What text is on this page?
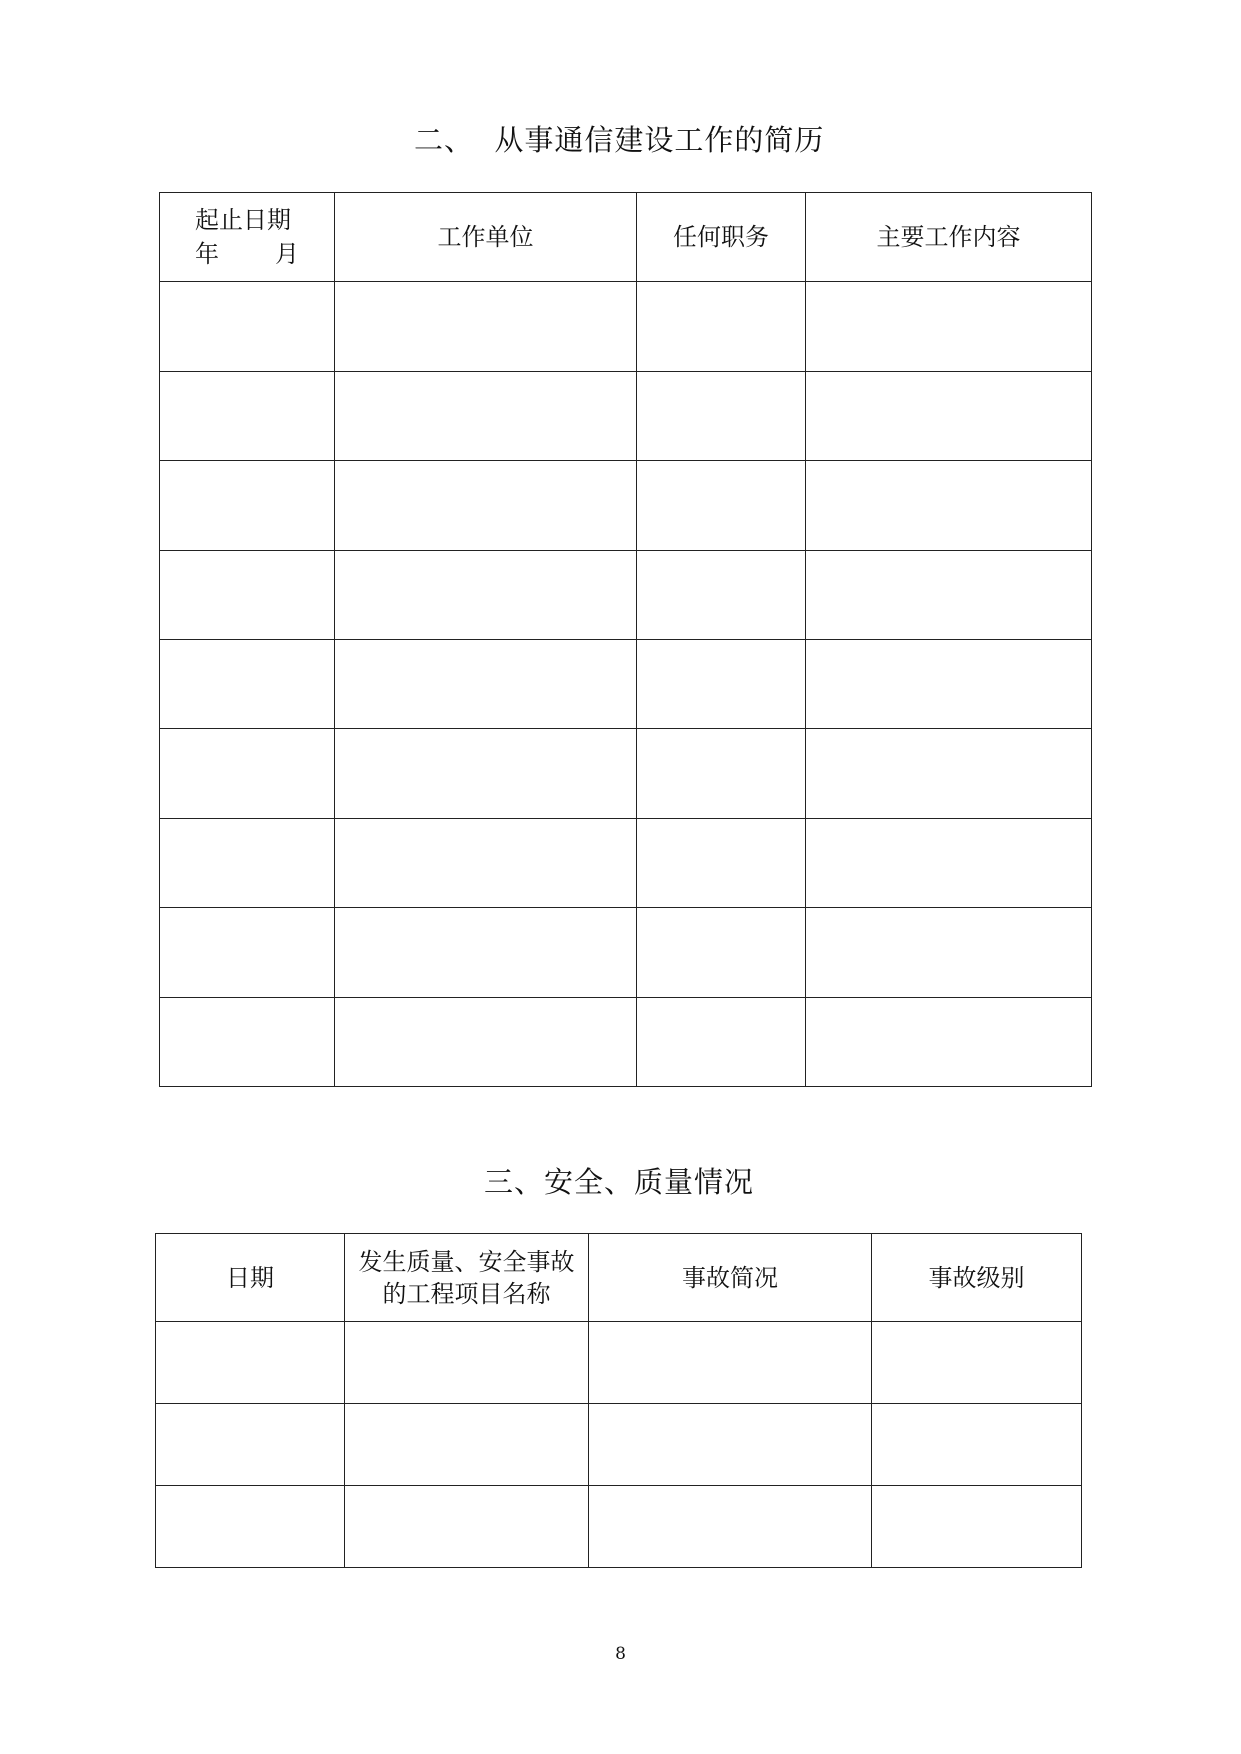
二、  从事通信建设工作的简历
起止日期
年 月	工作单位	任何职务	主要工作内容

三、安全、质量情况
日期	发生质量、安全事故
的工程项目名称	事故简况	事故级别

8
